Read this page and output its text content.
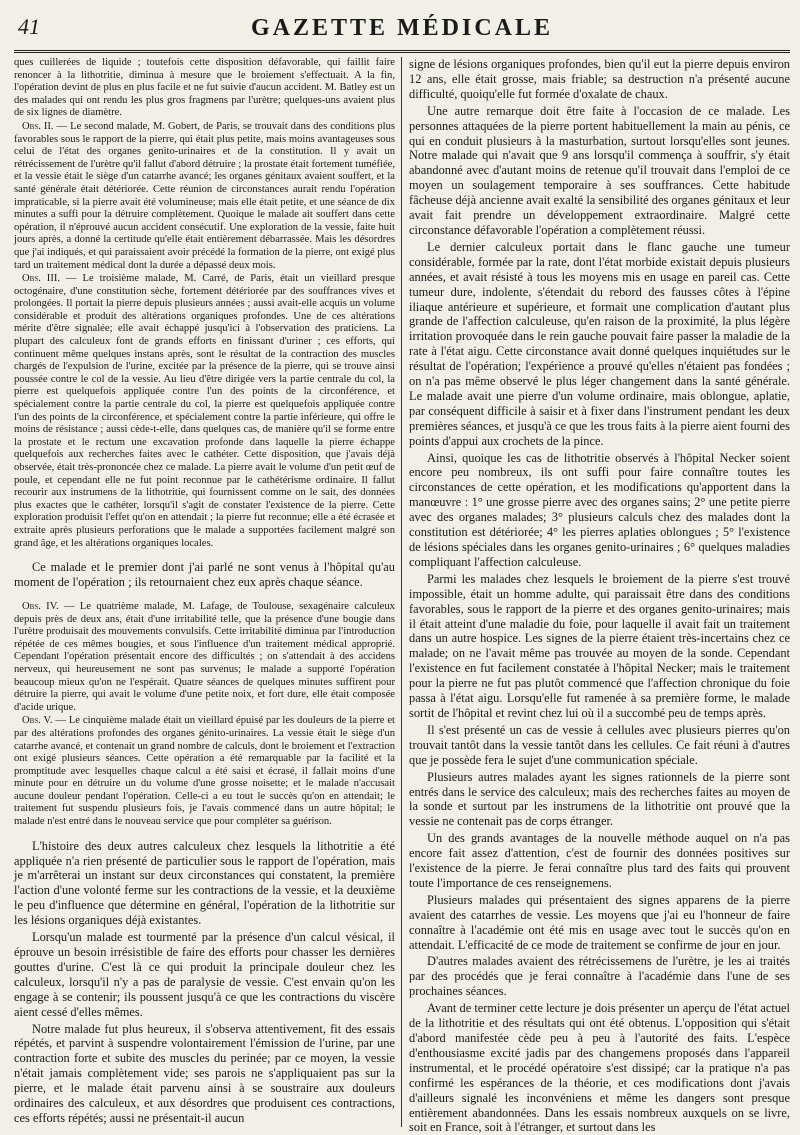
41	GAZETTE MÉDICALE

ques cuillerées de liquide ; toutefois cette disposition défavorable, qui faillit faire renoncer à la lithotritie, diminua à mesure que le broiement s'effectuait. A la fin, l'opération devint de plus en plus facile et ne fut suivie d'aucun accident. M. Batley est un des malades qui ont rendu les plus gros fragmens par l'urètre; quelques-uns avaient plus de six lignes de diamètre.

Obs. II. — Le second malade, M. Gobert, de Paris, se trouvait dans des conditions plus favorables sous le rapport de la pierre, qui était plus petite, mais moins avantageuses sous celui de l'état des organes genito-urinaires et de la constitution. Il y avait un rétrécissement de l'urètre qu'il fallut d'abord détruire ; la prostate était fortement tuméfiée, et la vessie était le siège d'un catarrhe avancé; les organes génitaux avaient souffert, et la santé générale était détériorée. Cette réunion de circonstances aurait rendu l'opération impraticable, si la pierre avait été volumineuse; mais elle était petite, et une séance de dix minutes a suffi pour la détruire complètement. Quoique le malade ait souffert dans cette opération, il n'éprouvé aucun accident consécutif. Une exploration de la vessie, faite huit jours après, a donné la certitude qu'elle était entièrement débarrassée. Mais les désordres que j'ai indiqués, et qui paraissaient avoir précédé la formation de la pierre, ont exigé plus tard un traitement médical dont la durée a dépassé deux mois.

Obs. III. — Le troisième malade, M. Carré, de Paris, était un vieillard presque octogénaire, d'une constitution sèche, fortement détériorée par des souffrances vives et prolongées. Il portait la pierre depuis plusieurs années ; aussi avait-elle acquis un volume considérable et produit des altérations organiques profondes. Une de ces altérations mérite d'être signalée; elle avait échappé jusqu'ici à l'observation des praticiens. La plupart des calculeux font de grands efforts en finissant d'uriner ; ces efforts, qui continuent même quelques instans après, sont le résultat de la contraction des muscles chargés de l'expulsion de l'urine, excitée par la présence de la pierre, qui se trouve ainsi poussée contre le col de la vessie. Au lieu d'être dirigée vers la partie centrale du col, la pierre est quelquefois appliquée contre l'un des points de la circonférence, et spécialement contre la partie centrale du col, la pierre est quelquefois appliquée contre l'un des points de la circonférence, et spécialement contre la partie inférieure, qui offre le moins de résistance ; aussi cède-t-elle, dans quelques cas, de manière qu'il se forme entre la prostate et le rectum une excavation profonde dans laquelle la pierre échappe quelquefois aux recherches faites avec le cathéter. Cette disposition, que j'avais déjà observée, était très-prononcée chez ce malade. La pierre avait le volume d'un petit œuf de poule, et cependant elle ne fut point reconnue par le cathétérisme ordinaire. Il fallut recourir aux instrumens de la lithotritie, qui fournissent comme on le sait, des données plus exactes que le cathéter, lorsqu'il s'agit de constater l'existence de la pierre. Cette exploration produisit l'effet qu'on en attendait ; la pierre fut reconnue; elle a été écrasée et extraite après plusieurs perforations que le malade a supportées facilement malgré son grand âge, et les altérations organiques locales.

Ce malade et le premier dont j'ai parlé ne sont venus à l'hôpital qu'au moment de l'opération ; ils retournaient chez eux après chaque séance.

Obs. IV. — Le quatrième malade, M. Lafage, de Toulouse, sexagénaire calculeux depuis près de deux ans, était d'une irritabilité telle, que la présence d'une bougie dans l'urètre produisait des mouvements convulsifs. Cette irritabilité diminua par l'introduction répétée de ces mêmes bougies, et sous l'influence d'un traitement médical approprié. Cependant l'opération présentait encore des difficultés ; on s'attendait à des accidens nerveux, qui heureusement ne sont pas survenus; le malade a supporté l'opération beaucoup mieux qu'on ne l'espérait. Quatre séances de quelques minutes suffirent pour détruire la pierre, qui avait le volume d'une petite noix, et fort dure, elle était composée d'acide urique.

Obs. V. — Le cinquième malade était un vieillard épuisé par les douleurs de la pierre et par des altérations profondes des organes génito-urinaires. La vessie était le siège d'un catarrhe avancé, et contenait un grand nombre de calculs, dont le broiement et l'extraction ont exigé plusieurs séances. Cette opération a été remarquable par la facilité et la promptitude avec lesquelles chaque calcul a été saisi et écrasé, il fallait moins d'une minute pour en détruire un du volume d'une grosse noisette; et le malade n'accusait aucune douleur pendant l'opération. Celle-ci a eu tout le succès qu'on en attendait; le traitement fut suspendu plusieurs fois, je l'avais commencé dans un autre hôpital; le malade n'est entré dans le nouveau service que pour compléter sa guérison.

L'histoire des deux autres calculeux chez lesquels la lithotritie a été appliquée n'a rien présenté de particulier sous le rapport de l'opération, mais je m'arrêterai un instant sur deux circonstances qui constatent, la première l'action d'une volonté ferme sur les contractions de la vessie, et la deuxième le peu d'influence que détermine en général, l'opération de la lithotritie sur les lésions organiques déjà existantes.

Lorsqu'un malade est tourmenté par la présence d'un calcul vésical, il éprouve un besoin irrésistible de faire des efforts pour chasser les dernières gouttes d'urine. C'est là ce qui produit la principale douleur chez les calculeux, lorsqu'il n'y a pas de paralysie de vessie. C'est envain qu'on les engage à se contenir; ils poussent jusqu'à ce que les contractions du viscère aient cessé d'elles mêmes.

Notre malade fut plus heureux, il s'observa attentivement, fit des essais répétés, et parvint à suspendre volontairement l'émission de l'urine, par une contraction forte et subite des muscles du perinée; par ce moyen, la vessie n'était jamais complètement vide; ses parois ne s'appliquaient pas sur la pierre, et le malade était parvenu ainsi à se soustraire aux douleurs ordinaires des calculeux, et aux désordres que produisent ces contractions, ces efforts répétés; aussi ne présentait-il aucun

signe de lésions organiques profondes, bien qu'il eut la pierre depuis environ 12 ans, elle était grosse, mais friable; sa destruction n'a présenté aucune difficulté, quoiqu'elle fut formée d'oxalate de chaux.

Une autre remarque doit être faite à l'occasion de ce malade. Les personnes attaquées de la pierre portent habituellement la main au pénis, ce qui en conduit plusieurs à la masturbation, surtout lorsqu'elles sont jeunes. Notre malade qui n'avait que 9 ans lorsqu'il commença à souffrir, s'y était abandonné avec d'autant moins de retenue qu'il trouvait dans l'emploi de ce moyen un soulagement temporaire à ses souffrances. Cette habitude fâcheuse déjà ancienne avait exalté la sensibilité des organes génitaux et leur avait fait prendre un développement extraordinaire. Malgré cette circonstance défavorable l'opération a complètement réussi.

Le dernier calculeux portait dans le flanc gauche une tumeur considérable, formée par la rate, dont l'état morbide existait depuis plusieurs années, et avait résisté à tous les moyens mis en usage en pareil cas. Cette tumeur dure, indolente, s'étendait du rebord des fausses côtes à l'épine iliaque antérieure et supérieure, et formait une complication d'autant plus grande de l'affection calculeuse, qu'en raison de la proximité, la plus légère irritation provoquée dans le rein gauche pouvait faire passer la maladie de la rate à l'état aigu. Cette circonstance avait donné quelques inquiétudes sur le résultat de l'opération; l'expérience a prouvé qu'elles n'étaient pas fondées ; on n'a pas même observé le plus léger changement dans la santé générale. Le malade avait une pierre d'un volume ordinaire, mais oblongue, aplatie, par conséquent difficile à saisir et à fixer dans l'instrument pendant les deux premières séances, et jusqu'à ce que les trous faits à la pierre aient fourni des points d'appui aux crochets de la pince.

Ainsi, quoique les cas de lithotritie observés à l'hôpital Necker soient encore peu nombreux, ils ont suffi pour faire connaître toutes les circonstances de cette opération, et les modifications qu'apportent dans la manœuvre : 1° une grosse pierre avec des organes sains; 2° une petite pierre avec des organes malades; 3° plusieurs calculs chez des malades dont la constitution est détériorée; 4° les pierres aplaties oblongues ; 5° l'existence de lésions spéciales dans les organes genito-urinaires ; 6° quelques maladies compliquant l'affection calculeuse.

Parmi les malades chez lesquels le broiement de la pierre s'est trouvé impossible, était un homme adulte, qui paraissait être dans des conditions favorables, sous le rapport de la pierre et des organes genito-urinaires; mais il était atteint d'une maladie du foie, pour laquelle il avait fait un traitement dans un autre hospice. Les signes de la pierre étaient très-incertains chez ce malade; on ne l'avait même pas trouvée au moyen de la sonde. Cependant l'existence en fut facilement constatée à l'hôpital Necker; mais le traitement pour la pierre ne fut pas plutôt commencé que l'affection chronique du foie passa à l'état aigu. Lorsqu'elle fut ramenée à sa première forme, le malade sortit de l'hôpital et revint chez lui où il a succombé peu de temps après.

Il s'est présenté un cas de vessie à cellules avec plusieurs pierres qu'on trouvait tantôt dans la vessie tantôt dans les cellules. Ce fait réuni à d'autres que je possède fera le sujet d'une communication spéciale.

Plusieurs autres malades ayant les signes rationnels de la pierre sont entrés dans le service des calculeux; mais des recherches faites au moyen de la sonde et surtout par les instrumens de la lithotritie ont prouvé que la vessie ne contenait pas de corps étranger.

Un des grands avantages de la nouvelle méthode auquel on n'a pas encore fait assez d'attention, c'est de fournir des données positives sur l'existence de la pierre. Je ferai connaître plus tard des faits qui prouvent toute l'importance de ces renseignemens.

Plusieurs malades qui présentaient des signes apparens de la pierre avaient des catarrhes de vessie. Les moyens que j'ai eu l'honneur de faire connaître à l'académie ont été mis en usage avec tout le succès qu'on en attendait. L'efficacité de ce mode de traitement se confirme de jour en jour.

D'autres malades avaient des rétrécissemens de l'urètre, je les ai traités par des procédés que je ferai connaître à l'académie dans l'une de ses prochaines séances.

Avant de terminer cette lecture je dois présenter un aperçu de l'état actuel de la lithotritie et des résultats qui ont été obtenus. L'opposition qui s'était d'abord manifestée cède peu à peu à l'autorité des faits. L'espèce d'enthousiasme excité jadis par des changemens proposés dans l'appareil instrumental, et le procédé opératoire s'est dissipé; car la pratique n'a pas confirmé les espérances de la théorie, et ces modifications dont j'avais d'ailleurs signalé les inconvéniens et même les dangers sont presque entièrement abandonnées. Dans les essais nombreux auxquels on se livre, soit en France, soit à l'étranger, et surtout dans les
